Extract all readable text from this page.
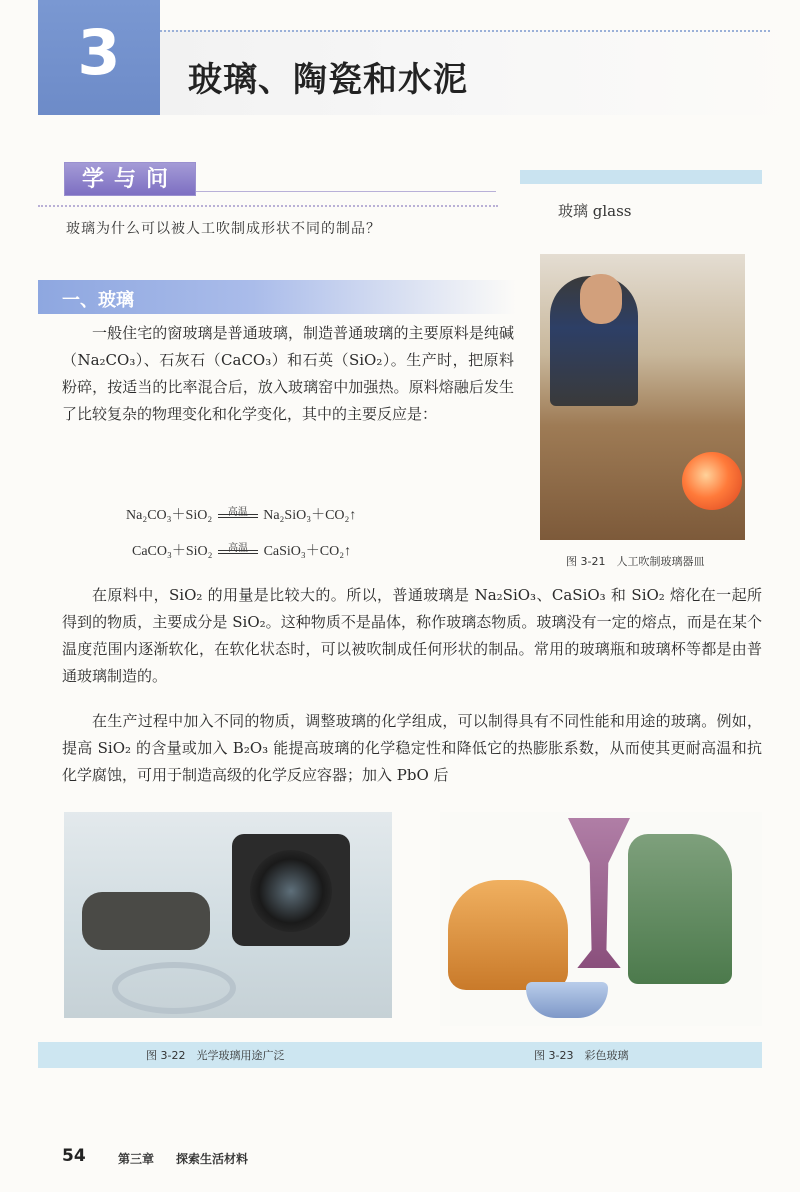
3	玻璃、陶瓷和水泥
学与问
玻璃为什么可以被人工吹制成形状不同的制品？
玻璃 glass
图 3-21　人工吹制玻璃器皿
一、玻璃
一般住宅的窗玻璃是普通玻璃，制造普通玻璃的主要原料是纯碱（Na₂CO₃）、石灰石（CaCO₃）和石英（SiO₂）。生产时，把原料粉碎，按适当的比率混合后，放入玻璃窑中加强热。原料熔融后发生了比较复杂的物理变化和化学变化，其中的主要反应是：
Na₂CO₃＋SiO₂	高温	Na₂SiO₃＋CO₂↑
CaCO₃＋SiO₂	高温	CaSiO₃＋CO₂↑
在原料中，SiO₂ 的用量是比较大的。所以，普通玻璃是 Na₂SiO₃、CaSiO₃ 和 SiO₂ 熔化在一起所得到的物质，主要成分是 SiO₂。这种物质不是晶体，称作玻璃态物质。玻璃没有一定的熔点，而是在某个温度范围内逐渐软化，在软化状态时，可以被吹制成任何形状的制品。常用的玻璃瓶和玻璃杯等都是由普通玻璃制造的。
在生产过程中加入不同的物质，调整玻璃的化学组成，可以制得具有不同性能和用途的玻璃。例如，提高 SiO₂ 的含量或加入 B₂O₃ 能提高玻璃的化学稳定性和降低它的热膨胀系数，从而使其更耐高温和抗化学腐蚀，可用于制造高级的化学反应容器；加入 PbO 后
图 3-22　光学玻璃用途广泛	图 3-23　彩色玻璃
54	第三章 探索生活材料
